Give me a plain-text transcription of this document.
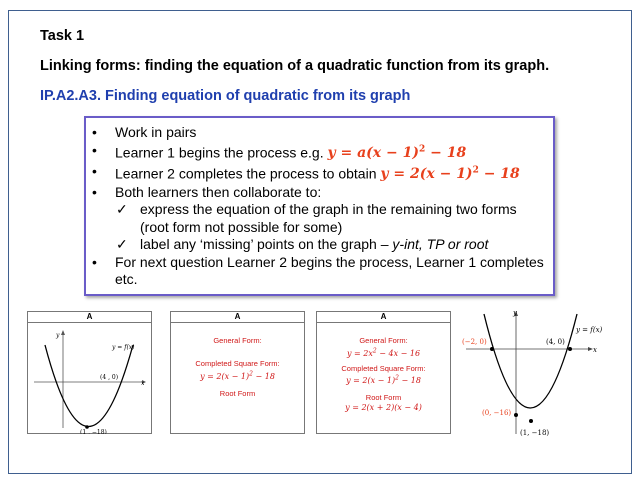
Task 1
Linking forms: finding the equation of a quadratic function from its graph.
IP.A2.A3. Finding equation of quadratic from its graph
• Work in pairs
• Learner 1 begins the process e.g. $y = a(x - 1)^2 - 18$
• Learner 2 completes the process to obtain $y = 2(x - 1)^2 - 18$
• Both learners then collaborate to:
✓ express the equation of the graph in the remaining two forms (root form not possible for some)
✓ label any ‘missing’ points on the graph – y-int, TP or root
• For next question Learner 2 begins the process, Learner 1 completes etc.
A
y
x
y = f(x)
(4 , 0)
(1 , −18)
A
General Form:
Completed Square Form:
$y = 2(x - 1)^2 - 18$
Root Form
A
General Form:
$y = 2x^2 - 4x - 16$
Completed Square Form:
$y = 2(x - 1)^2 - 18$
Root Form
y = 2(x + 2)(x − 4)
y
x
y = f(x)
(−2, 0)	(4, 0)
(0, −16)
(1, −18)
